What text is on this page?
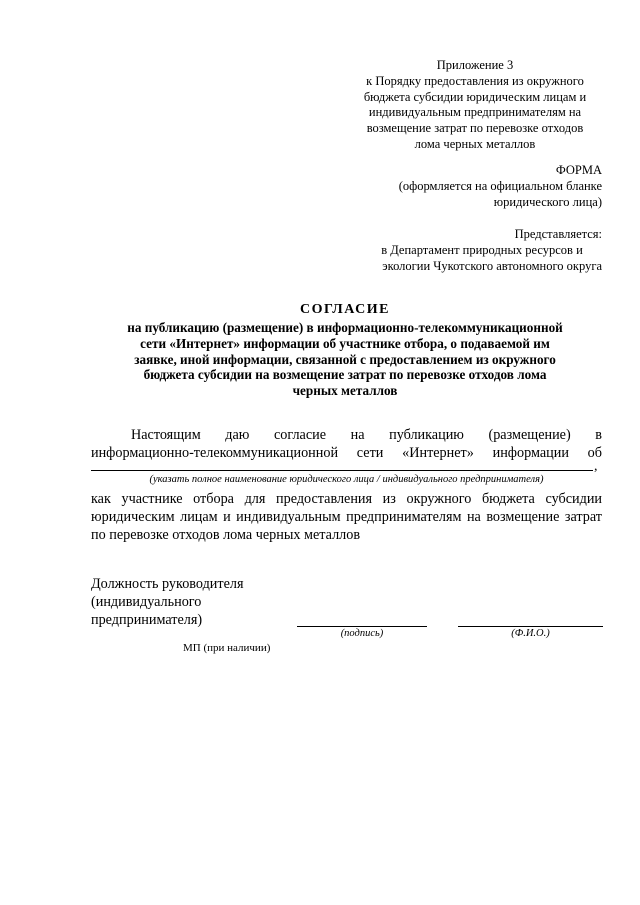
Приложение 3
к Порядку предоставления из окружного
бюджета субсидии юридическим лицам и
индивидуальным предпринимателям на
возмещение затрат по перевозке отходов
лома черных металлов
ФОРМА
(оформляется на официальном бланке
юридического лица)
Представляется:
в Департамент природных ресурсов и
экологии Чукотского автономного округа
СОГЛАСИЕ
на публикацию (размещение) в информационно-телекоммуникационной
сети «Интернет» информации об участнике отбора, о подаваемой им
заявке, иной информации, связанной с предоставлением из окружного
бюджета субсидии на возмещение затрат по перевозке отходов лома
черных металлов
Настоящим даю согласие на публикацию (размещение) в
информационно-телекоммуникационной сети «Интернет» информации об
,
(указать полное наименование юридического лица / индивидуального предпринимателя)
как участнике отбора для предоставления из окружного бюджета субсидии юридическим лицам и индивидуальным предпринимателям на возмещение затрат по перевозке отходов лома черных металлов
Должность руководителя
(индивидуального
предпринимателя)
(подпись)	(Ф.И.О.)
МП (при наличии)
